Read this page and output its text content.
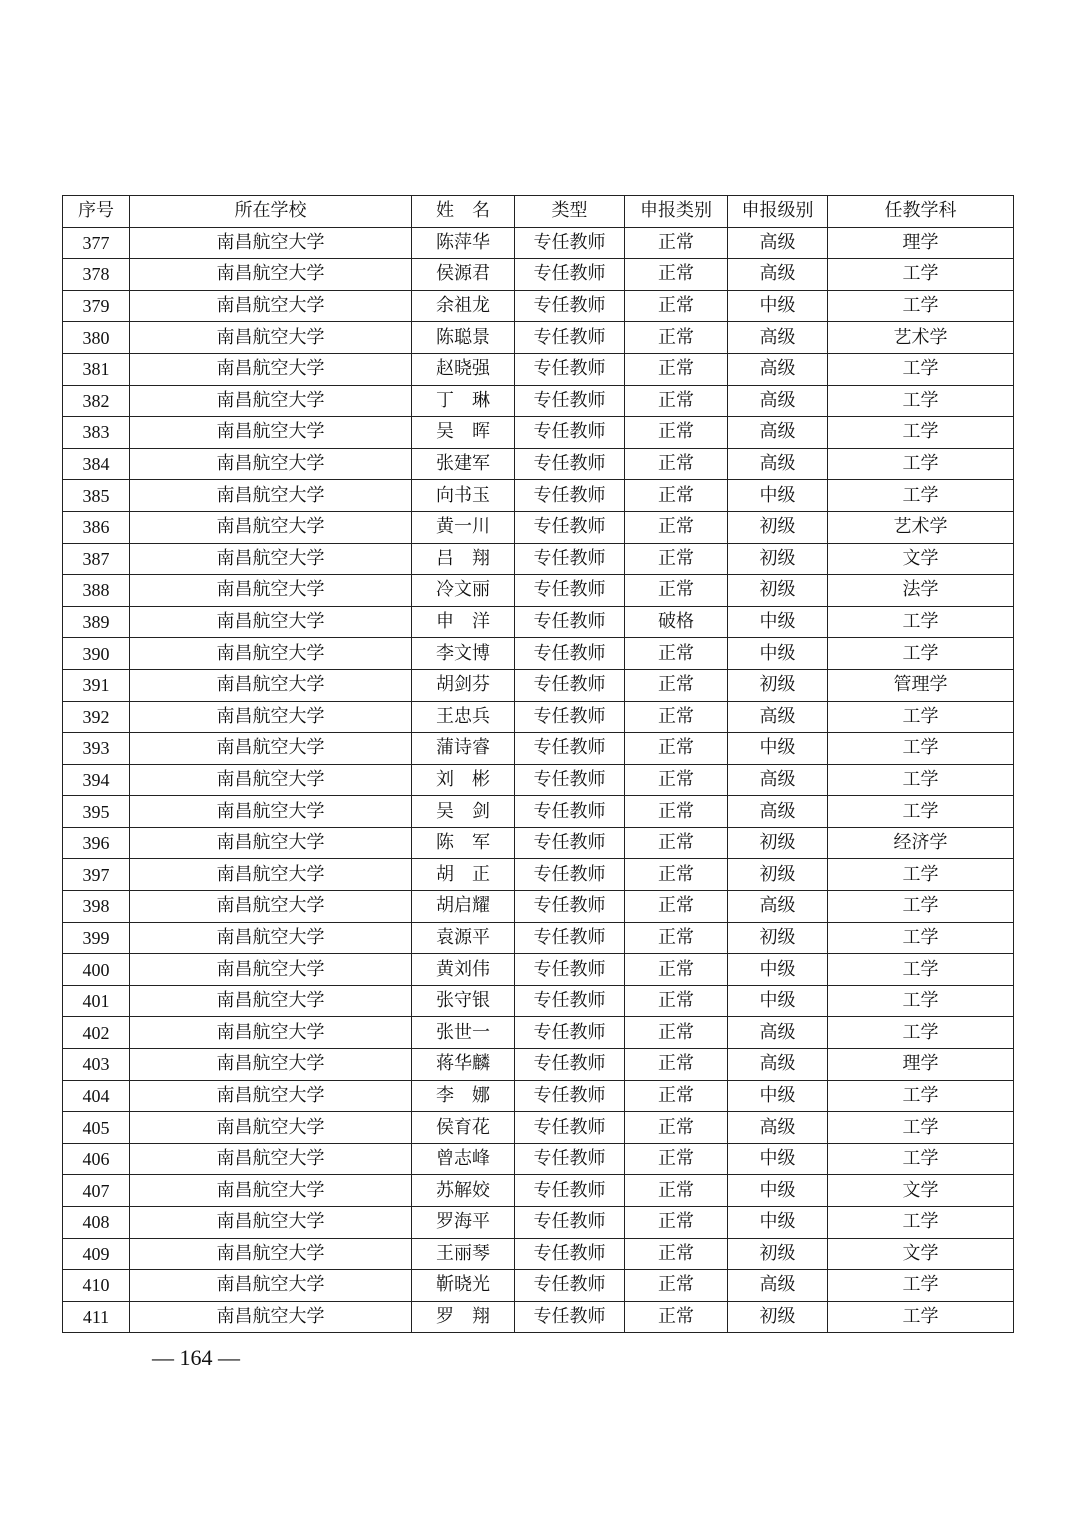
序号	所在学校	姓　名	类型	申报类别	申报级别	任教学科
377	南昌航空大学	陈萍华	专任教师	正常	高级	理学
378	南昌航空大学	侯源君	专任教师	正常	高级	工学
379	南昌航空大学	余祖龙	专任教师	正常	中级	工学
380	南昌航空大学	陈聪景	专任教师	正常	高级	艺术学
381	南昌航空大学	赵晓强	专任教师	正常	高级	工学
382	南昌航空大学	丁　琳	专任教师	正常	高级	工学
383	南昌航空大学	吴　晖	专任教师	正常	高级	工学
384	南昌航空大学	张建军	专任教师	正常	高级	工学
385	南昌航空大学	向书玉	专任教师	正常	中级	工学
386	南昌航空大学	黄一川	专任教师	正常	初级	艺术学
387	南昌航空大学	吕　翔	专任教师	正常	初级	文学
388	南昌航空大学	冷文丽	专任教师	正常	初级	法学
389	南昌航空大学	申　洋	专任教师	破格	中级	工学
390	南昌航空大学	李文博	专任教师	正常	中级	工学
391	南昌航空大学	胡剑芬	专任教师	正常	初级	管理学
392	南昌航空大学	王忠兵	专任教师	正常	高级	工学
393	南昌航空大学	蒲诗睿	专任教师	正常	中级	工学
394	南昌航空大学	刘　彬	专任教师	正常	高级	工学
395	南昌航空大学	吴　剑	专任教师	正常	高级	工学
396	南昌航空大学	陈　军	专任教师	正常	初级	经济学
397	南昌航空大学	胡　正	专任教师	正常	初级	工学
398	南昌航空大学	胡启耀	专任教师	正常	高级	工学
399	南昌航空大学	袁源平	专任教师	正常	初级	工学
400	南昌航空大学	黄刘伟	专任教师	正常	中级	工学
401	南昌航空大学	张守银	专任教师	正常	中级	工学
402	南昌航空大学	张世一	专任教师	正常	高级	工学
403	南昌航空大学	蒋华麟	专任教师	正常	高级	理学
404	南昌航空大学	李　娜	专任教师	正常	中级	工学
405	南昌航空大学	侯育花	专任教师	正常	高级	工学
406	南昌航空大学	曾志峰	专任教师	正常	中级	工学
407	南昌航空大学	苏解姣	专任教师	正常	中级	文学
408	南昌航空大学	罗海平	专任教师	正常	中级	工学
409	南昌航空大学	王丽琴	专任教师	正常	初级	文学
410	南昌航空大学	靳晓光	专任教师	正常	高级	工学
411	南昌航空大学	罗　翔	专任教师	正常	初级	工学
— 164 —
